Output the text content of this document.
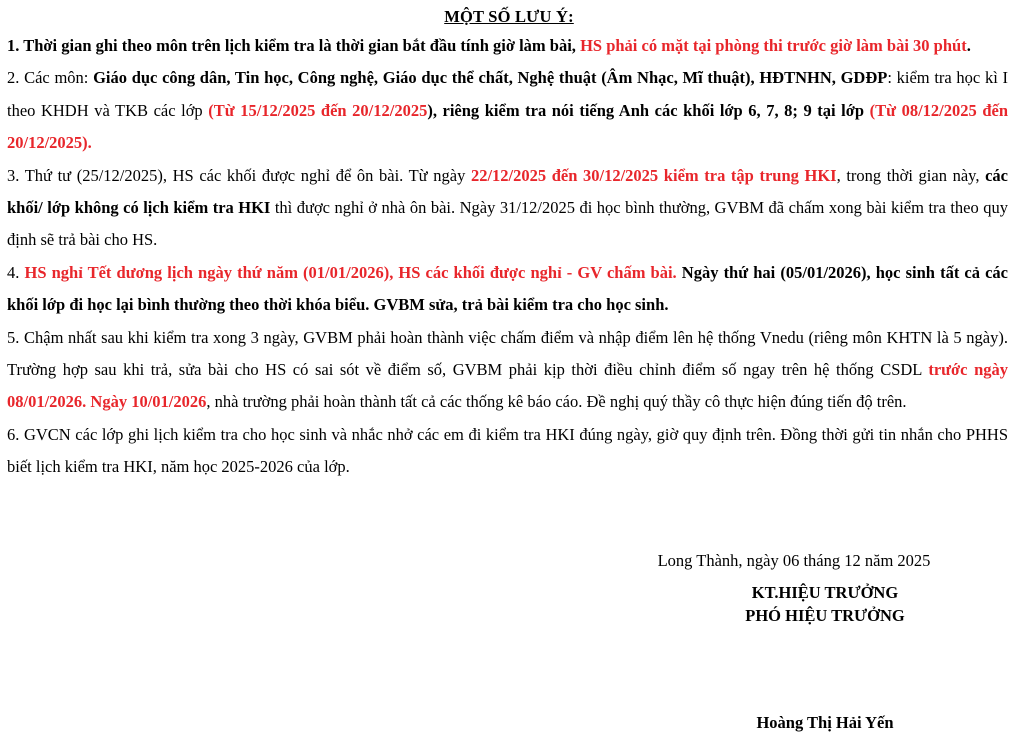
MỘT SỐ LƯU Ý:

1. Thời gian ghi theo môn trên lịch kiểm tra là thời gian bắt đầu tính giờ làm bài, HS phải có mặt tại phòng thi trước giờ làm bài 30 phút.

2. Các môn: Giáo dục công dân, Tin học, Công nghệ, Giáo dục thể chất, Nghệ thuật (Âm Nhạc, Mĩ thuật), HĐTNHN, GDĐP: kiểm tra học kì I theo KHDH và TKB các lớp (Từ 15/12/2025 đến 20/12/2025), riêng kiểm tra nói tiếng Anh các khối lớp 6, 7, 8; 9 tại lớp (Từ 08/12/2025 đến 20/12/2025).

3. Thứ tư (25/12/2025), HS các khối được nghỉ để ôn bài. Từ ngày 22/12/2025 đến 30/12/2025 kiểm tra tập trung HKI, trong thời gian này, các khối/ lớp không có lịch kiểm tra HKI thì được nghỉ ở nhà ôn bài. Ngày 31/12/2025 đi học bình thường, GVBM đã chấm xong bài kiểm tra theo quy định sẽ trả bài cho HS.

4. HS nghỉ Tết dương lịch ngày thứ năm (01/01/2026), HS các khối được nghỉ - GV chấm bài. Ngày thứ hai (05/01/2026), học sinh tất cả các khối lớp đi học lại bình thường theo thời khóa biểu. GVBM sửa, trả bài kiểm tra cho học sinh.

5. Chậm nhất sau khi kiểm tra xong 3 ngày, GVBM phải hoàn thành việc chấm điểm và nhập điểm lên hệ thống Vnedu (riêng môn KHTN là 5 ngày). Trường hợp sau khi trả, sửa bài cho HS có sai sót về điểm số, GVBM phải kịp thời điều chỉnh điểm số ngay trên hệ thống CSDL trước ngày 08/01/2026. Ngày 10/01/2026, nhà trường phải hoàn thành tất cả các thống kê báo cáo. Đề nghị quý thầy cô thực hiện đúng tiến độ trên.

6. GVCN các lớp ghi lịch kiểm tra cho học sinh và nhắc nhở các em đi kiểm tra HKI đúng ngày, giờ quy định trên. Đồng thời gửi tin nhắn cho PHHS biết lịch kiểm tra HKI, năm học 2025-2026 của lớp.

Long Thành, ngày 06 tháng 12 năm 2025
KT.HIỆU TRƯỞNG
PHÓ HIỆU TRƯỞNG
Hoàng Thị Hải Yến
